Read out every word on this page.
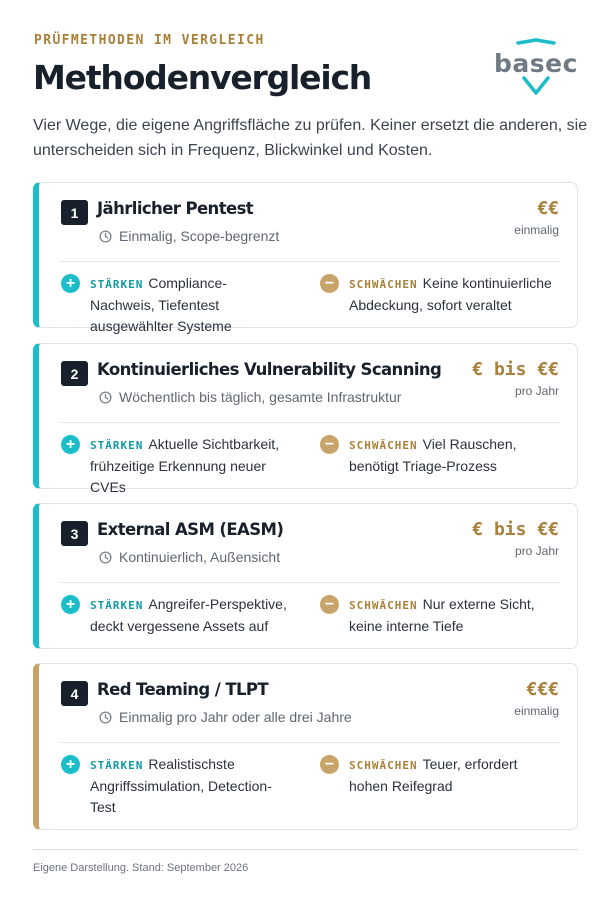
PRÜFMETHODEN IM VERGLEICH
Methodenvergleich	basec
Vier Wege, die eigene Angriffsfläche zu prüfen. Keiner ersetzt die anderen, sie unterscheiden sich in Frequenz, Blickwinkel und Kosten.
1	Jährlicher Pentest
Einmalig, Scope-begrenzt
€€
einmalig
+	STÄRKEN Compliance-Nachweis, Tiefentest ausgewählter Systeme
−	SCHWÄCHEN Keine kontinuierliche Abdeckung, sofort veraltet
2	Kontinuierliches Vulnerability Scanning
Wöchentlich bis täglich, gesamte Infrastruktur
€ bis €€
pro Jahr
+	STÄRKEN Aktuelle Sichtbarkeit, frühzeitige Erkennung neuer CVEs
−	SCHWÄCHEN Viel Rauschen, benötigt Triage-Prozess
3	External ASM (EASM)
Kontinuierlich, Außensicht
€ bis €€
pro Jahr
+	STÄRKEN Angreifer-Perspektive, deckt vergessene Assets auf
−	SCHWÄCHEN Nur externe Sicht, keine interne Tiefe
4	Red Teaming / TLPT
Einmalig pro Jahr oder alle drei Jahre
€€€
einmalig
+	STÄRKEN Realistischste Angriffssimulation, Detection-Test
−	SCHWÄCHEN Teuer, erfordert hohen Reifegrad
Eigene Darstellung. Stand: September 2026
